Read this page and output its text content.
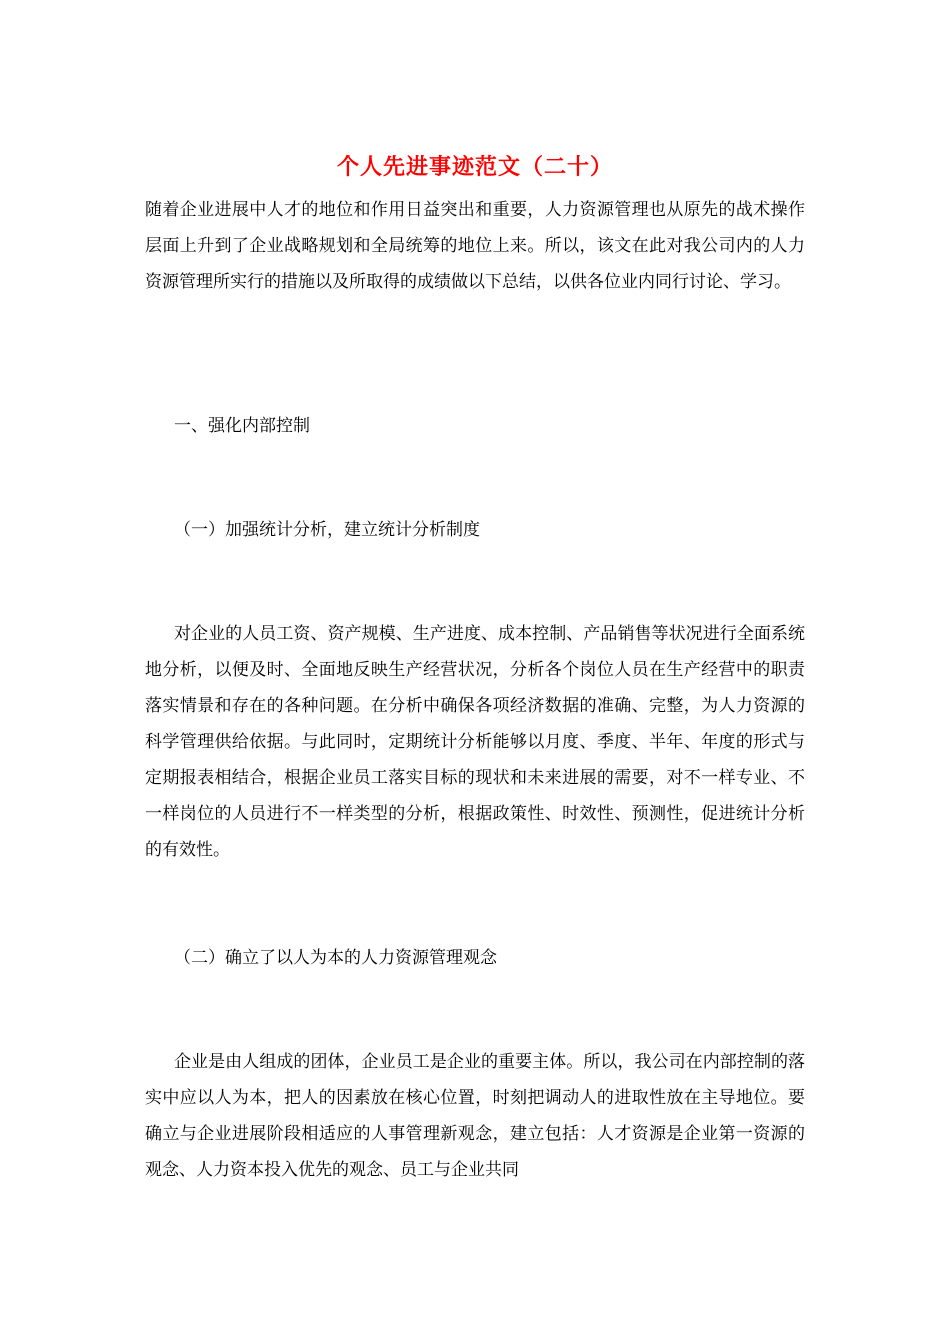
个人先进事迹范文（二十）
随着企业进展中人才的地位和作用日益突出和重要，人力资源管理也从原先的战术操作层面上升到了企业战略规划和全局统筹的地位上来。所以，该文在此对我公司内的人力资源管理所实行的措施以及所取得的成绩做以下总结，以供各位业内同行讨论、学习。
一、强化内部控制
（一）加强统计分析，建立统计分析制度
对企业的人员工资、资产规模、生产进度、成本控制、产品销售等状况进行全面系统地分析，以便及时、全面地反映生产经营状况，分析各个岗位人员在生产经营中的职责落实情景和存在的各种问题。在分析中确保各项经济数据的准确、完整，为人力资源的科学管理供给依据。与此同时，定期统计分析能够以月度、季度、半年、年度的形式与定期报表相结合，根据企业员工落实目标的现状和未来进展的需要，对不一样专业、不一样岗位的人员进行不一样类型的分析，根据政策性、时效性、预测性，促进统计分析的有效性。
（二）确立了以人为本的人力资源管理观念
企业是由人组成的团体，企业员工是企业的重要主体。所以，我公司在内部控制的落实中应以人为本，把人的因素放在核心位置，时刻把调动人的进取性放在主导地位。要确立与企业进展阶段相适应的人事管理新观念，建立包括：人才资源是企业第一资源的观念、人力资本投入优先的观念、员工与企业共同
